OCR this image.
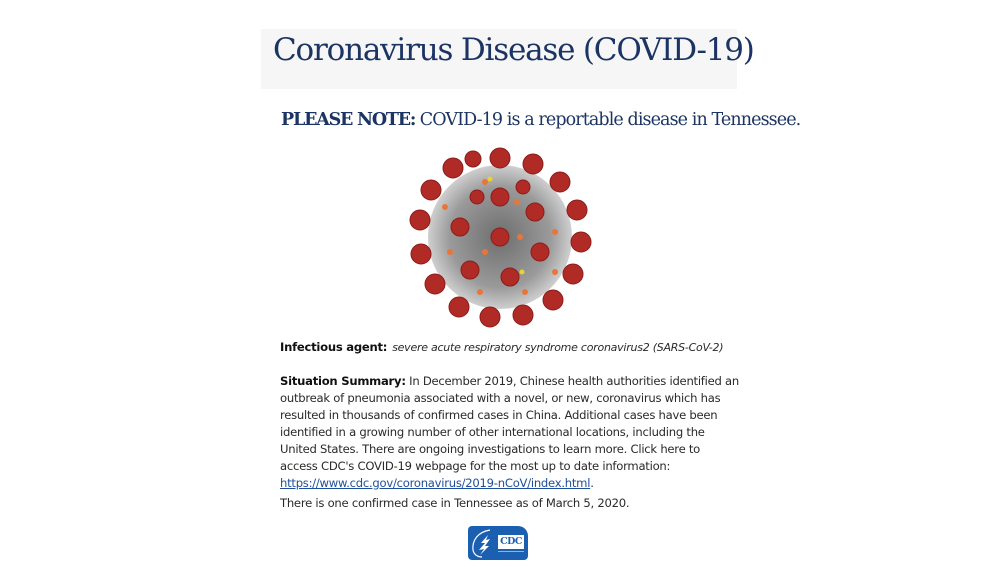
Coronavirus Disease (COVID-19)

PLEASE NOTE: COVID-19 is a reportable disease in Tennessee.

Infectious agent: severe acute respiratory syndrome coronavirus2 (SARS-CoV-2)
Situation Summary: In December 2019, Chinese health authorities identified an outbreak of pneumonia associated with a novel, or new, coronavirus which has resulted in thousands of confirmed cases in China. Additional cases have been identified in a growing number of other international locations, including the United States. There are ongoing investigations to learn more. Click here to access CDC's COVID-19 webpage for the most up to date information: https://www.cdc.gov/coronavirus/2019-nCoV/index.html.
There is one confirmed case in Tennessee as of March 5, 2020.
CDC
